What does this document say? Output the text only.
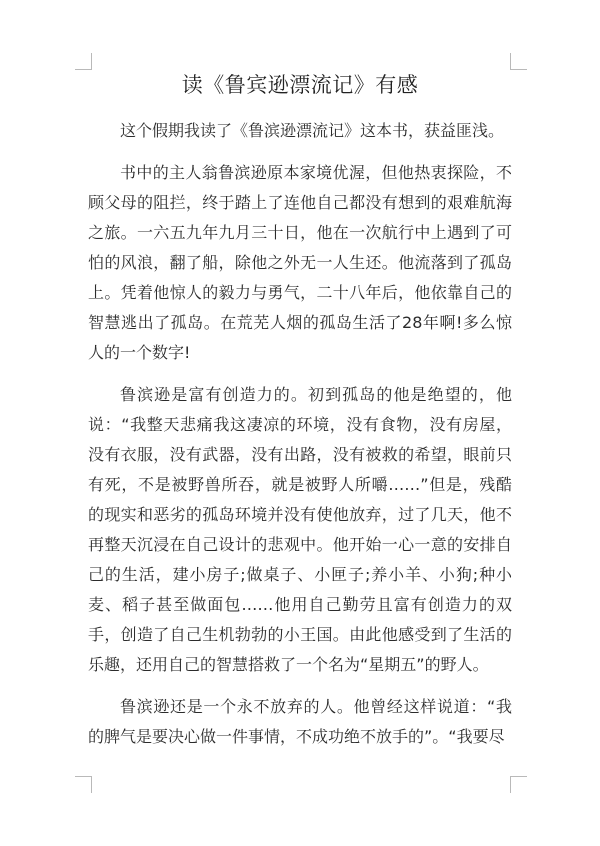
读《鲁宾逊漂流记》有感

这个假期我读了《鲁滨逊漂流记》这本书，获益匪浅。

书中的主人翁鲁滨逊原本家境优渥，但他热衷探险，不顾父母的阻拦，终于踏上了连他自己都没有想到的艰难航海之旅。一六五九年九月三十日，他在一次航行中上遇到了可怕的风浪，翻了船，除他之外无一人生还。他流落到了孤岛上。凭着他惊人的毅力与勇气，二十八年后，他依靠自己的智慧逃出了孤岛。在荒芜人烟的孤岛生活了28年啊!多么惊人的一个数字!

鲁滨逊是富有创造力的。初到孤岛的他是绝望的，他说：“我整天悲痛我这凄凉的环境，没有食物，没有房屋，没有衣服，没有武器，没有出路，没有被救的希望，眼前只有死，不是被野兽所吞，就是被野人所嚼……”但是，残酷的现实和恶劣的孤岛环境并没有使他放弃，过了几天，他不再整天沉浸在自己设计的悲观中。他开始一心一意的安排自己的生活，建小房子;做桌子、小匣子;养小羊、小狗;种小麦、稻子甚至做面包……他用自己勤劳且富有创造力的双手，创造了自己生机勃勃的小王国。由此他感受到了生活的乐趣，还用自己的智慧搭救了一个名为“星期五”的野人。

鲁滨逊还是一个永不放弃的人。他曾经这样说道：“我的脾气是要决心做一件事情，不成功绝不放手的”。“我要尽
